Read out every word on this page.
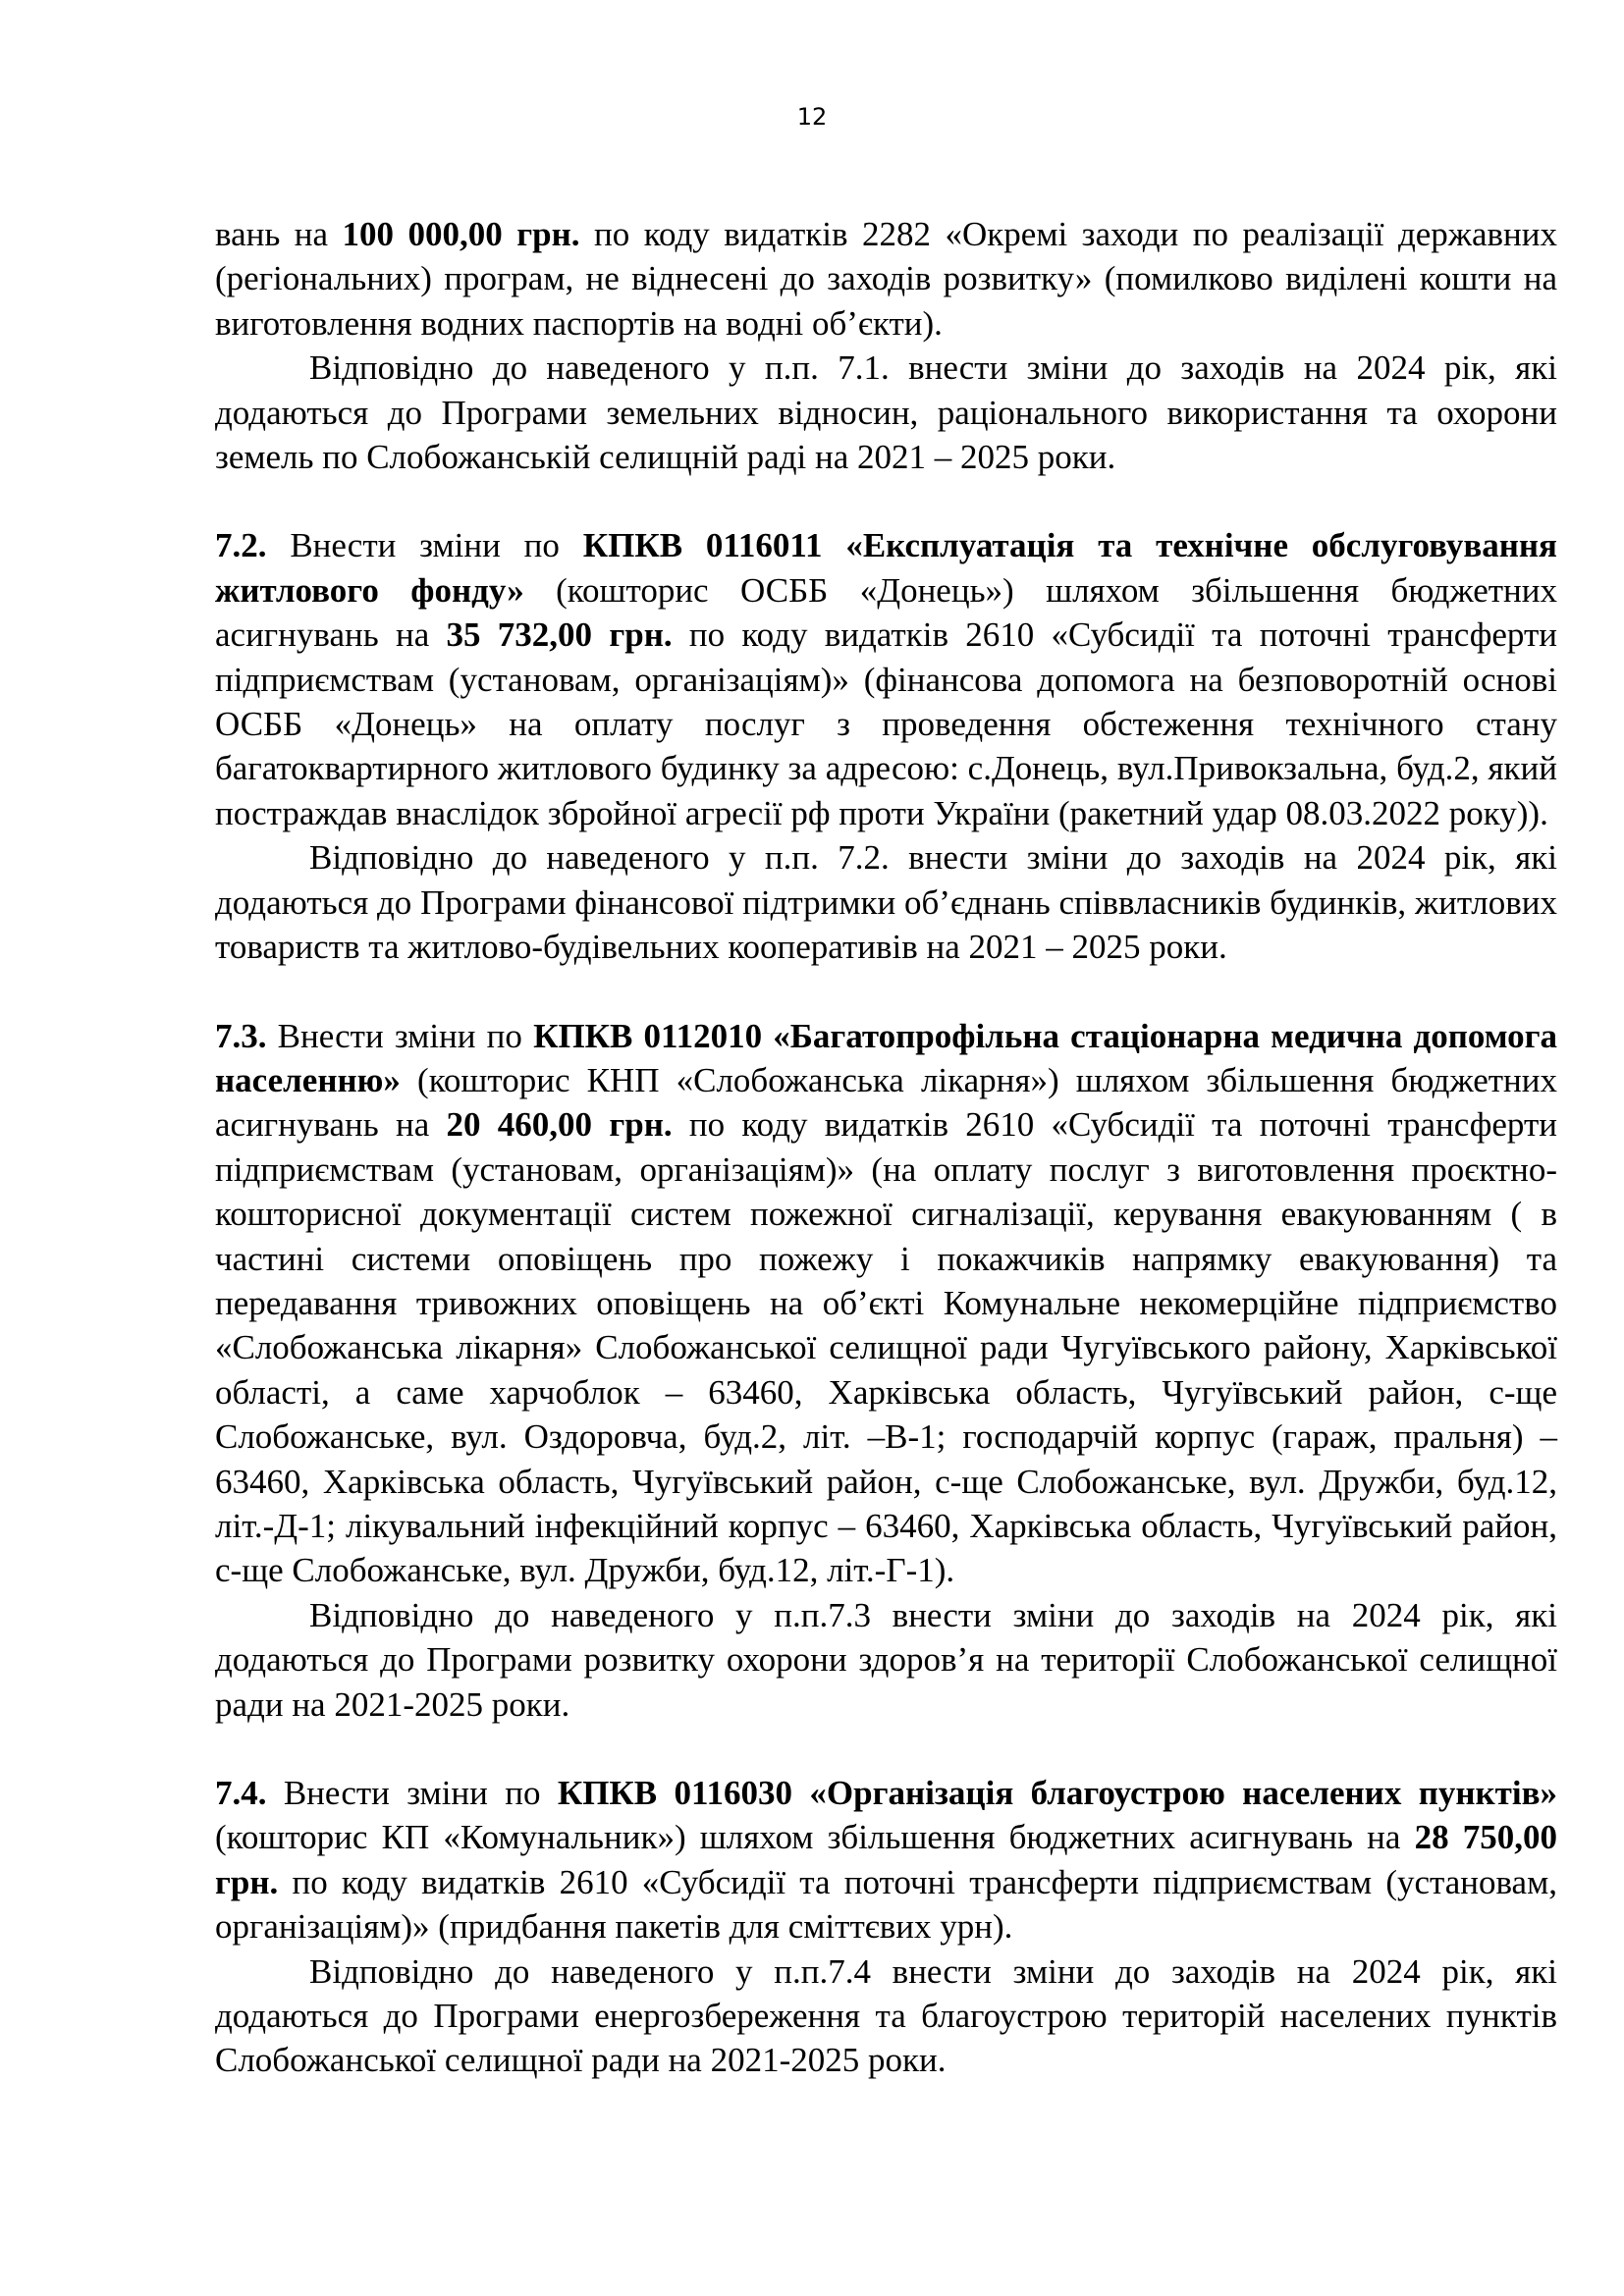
12

вань на 100 000,00 грн. по коду видатків 2282 «Окремі заходи по реалізації державних (регіональних) програм, не віднесені до заходів розвитку» (помилково виділені кошти на виготовлення водних паспортів на водні об’єкти).

Відповідно до наведеного у п.п. 7.1. внести зміни до заходів на 2024 рік, які додаються до Програми земельних відносин, раціонального використання та охорони земель по Слобожанській селищній раді на 2021 – 2025 роки.

7.2. Внести зміни по КПКВ 0116011 «Експлуатація та технічне обслуговування житлового фонду» (кошторис ОСББ «Донець») шляхом збільшення бюджетних асигнувань на 35 732,00 грн. по коду видатків 2610 «Субсидії та поточні трансферти підприємствам (установам, організаціям)» (фінансова допомога на безповоротній основі ОСББ «Донець» на оплату послуг з проведення обстеження технічного стану багатоквартирного житлового будинку за адресою: с.Донець, вул.Привокзальна, буд.2, який постраждав внаслідок збройної агресії рф проти України (ракетний удар 08.03.2022 року)).

Відповідно до наведеного у п.п. 7.2. внести зміни до заходів на 2024 рік, які додаються до Програми фінансової підтримки об’єднань співвласників будинків, житлових товариств та житлово-будівельних кооперативів на 2021 – 2025 роки.

7.3. Внести зміни по КПКВ 0112010 «Багатопрофільна стаціонарна медична допомога населенню» (кошторис КНП «Слобожанська лікарня») шляхом збільшення бюджетних асигнувань на 20 460,00 грн. по коду видатків 2610 «Субсидії та поточні трансферти підприємствам (установам, організаціям)» (на оплату послуг з виготовлення проєктно-кошторисної документації систем пожежної сигналізації, керування евакуюванням ( в частині системи оповіщень про пожежу і покажчиків напрямку евакуювання) та передавання тривожних оповіщень на об’єкті Комунальне некомерційне підприємство «Слобожанська лікарня» Слобожанської селищної ради Чугуївського району, Харківської області, а саме харчоблок – 63460, Харківська область, Чугуївський район, с-ще Слобожанське, вул. Оздоровча, буд.2, літ. –В-1; господарчій корпус (гараж, пральня) – 63460, Харківська область, Чугуївський район, с-ще Слобожанське, вул. Дружби, буд.12, літ.-Д-1; лікувальний інфекційний корпус – 63460, Харківська область, Чугуївський район, с-ще Слобожанське, вул. Дружби, буд.12, літ.-Г-1).

Відповідно до наведеного у п.п.7.3 внести зміни до заходів на 2024 рік, які додаються до Програми розвитку охорони здоров’я на території Слобожанської селищної ради на 2021-2025 роки.

7.4. Внести зміни по КПКВ 0116030 «Організація благоустрою населених пунктів» (кошторис КП «Комунальник») шляхом збільшення бюджетних асигнувань на 28 750,00 грн. по коду видатків 2610 «Субсидії та поточні трансферти підприємствам (установам, організаціям)» (придбання пакетів для сміттєвих урн).

Відповідно до наведеного у п.п.7.4 внести зміни до заходів на 2024 рік, які додаються до Програми енергозбереження та благоустрою територій населених пунктів Слобожанської селищної ради на 2021-2025 роки.
